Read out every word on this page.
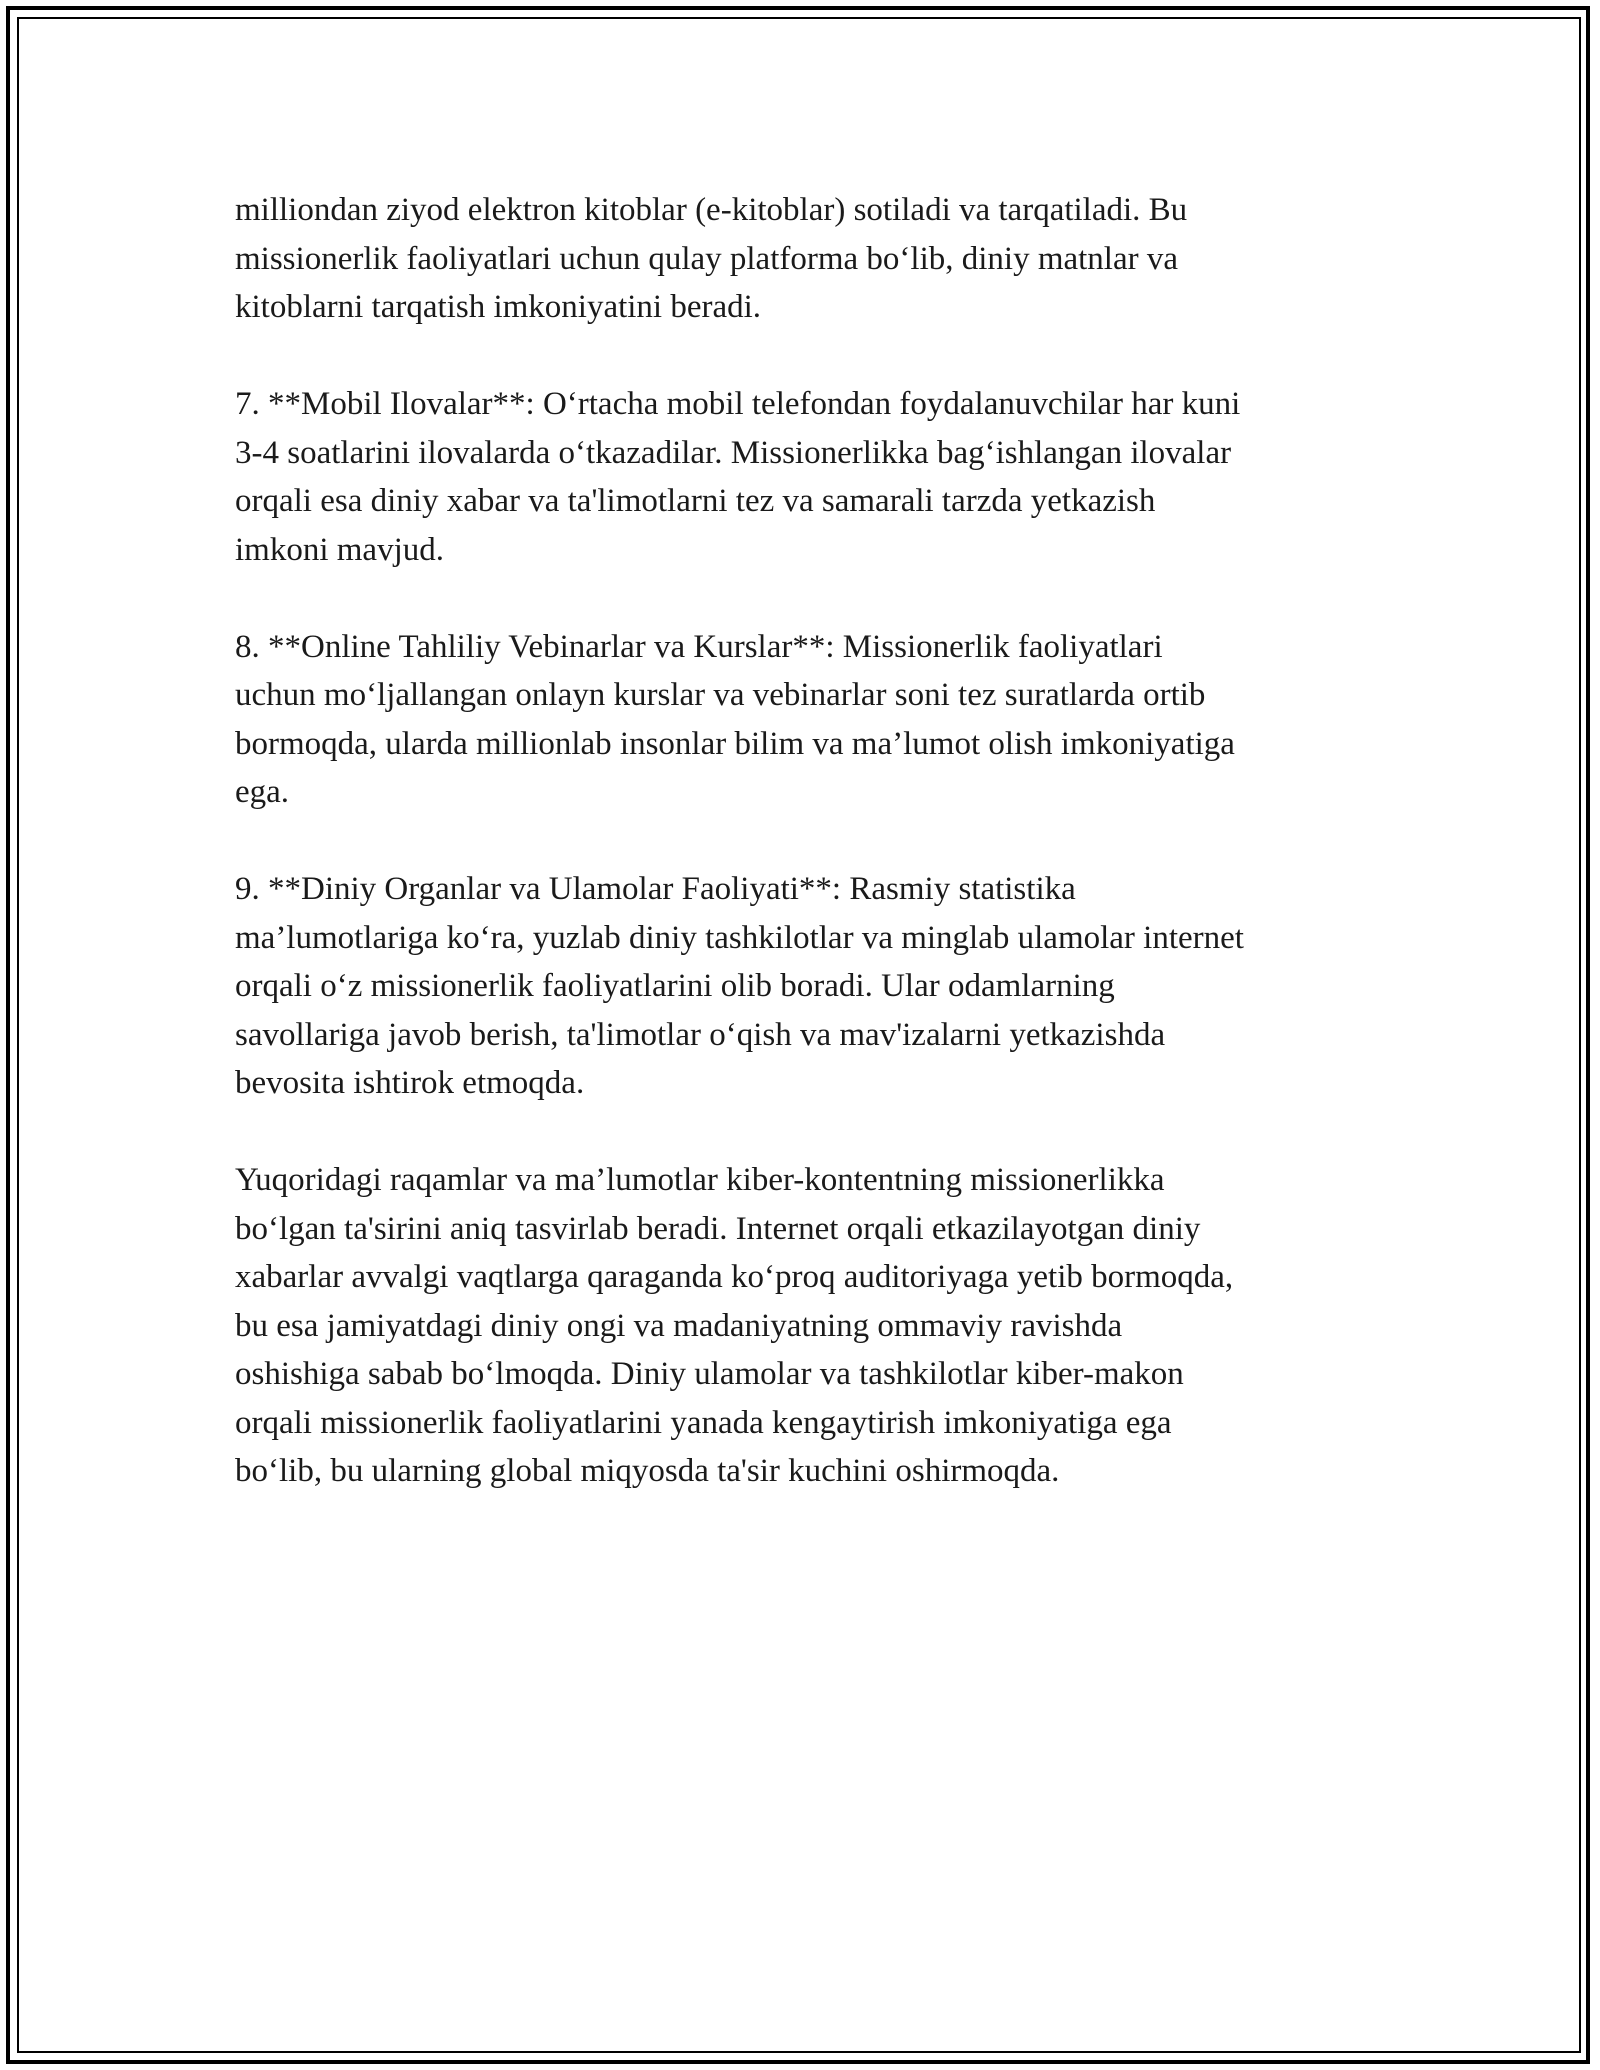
milliondan ziyod elektron kitoblar (e-kitoblar) sotiladi va tarqatiladi. Bu
missionerlik faoliyatlari uchun qulay platforma bo‘lib, diniy matnlar va
kitoblarni tarqatish imkoniyatini beradi.

7. **Mobil Ilovalar**: O‘rtacha mobil telefondan foydalanuvchilar har kuni
3-4 soatlarini ilovalarda o‘tkazadilar. Missionerlikka bag‘ishlangan ilovalar
orqali esa diniy xabar va ta'limotlarni tez va samarali tarzda yetkazish
imkoni mavjud.

8. **Online Tahliliy Vebinarlar va Kurslar**: Missionerlik faoliyatlari
uchun mo‘ljallangan onlayn kurslar va vebinarlar soni tez suratlarda ortib
bormoqda, ularda millionlab insonlar bilim va ma’lumot olish imkoniyatiga
ega.

9. **Diniy Organlar va Ulamolar Faoliyati**: Rasmiy statistika
ma’lumotlariga ko‘ra, yuzlab diniy tashkilotlar va minglab ulamolar internet
orqali o‘z missionerlik faoliyatlarini olib boradi. Ular odamlarning
savollariga javob berish, ta'limotlar o‘qish va mav'izalarni yetkazishda
bevosita ishtirok etmoqda.

Yuqoridagi raqamlar va ma’lumotlar kiber-kontentning missionerlikka
bo‘lgan ta'sirini aniq tasvirlab beradi. Internet orqali etkazilayotgan diniy
xabarlar avvalgi vaqtlarga qaraganda ko‘proq auditoriyaga yetib bormoqda,
bu esa jamiyatdagi diniy ongi va madaniyatning ommaviy ravishda
oshishiga sabab bo‘lmoqda. Diniy ulamolar va tashkilotlar kiber-makon
orqali missionerlik faoliyatlarini yanada kengaytirish imkoniyatiga ega
bo‘lib, bu ularning global miqyosda ta'sir kuchini oshirmoqda.
